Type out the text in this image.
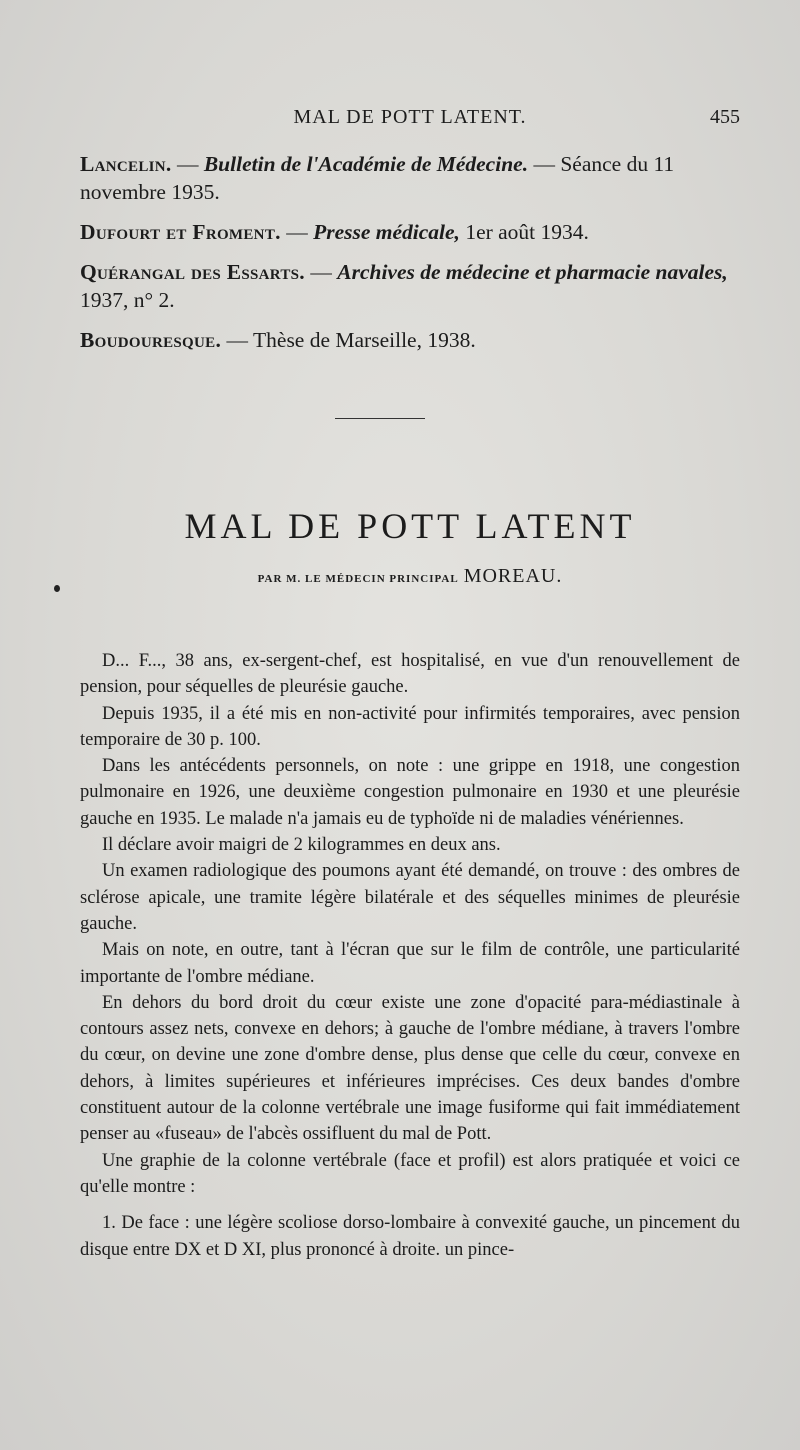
MAL DE POTT LATENT.	455

Lancelin. — Bulletin de l'Académie de Médecine. — Séance du 11 novembre 1935.

Dufourt et Froment. — Presse médicale, 1er août 1934.

Quérangal des Essarts. — Archives de médecine et pharmacie navales, 1937, n° 2.

Boudouresque. — Thèse de Marseille, 1938.

MAL DE POTT LATENT
PAR M. LE MÉDECIN PRINCIPAL MOREAU.

D... F..., 38 ans, ex-sergent-chef, est hospitalisé, en vue d'un renouvellement de pension, pour séquelles de pleurésie gauche.

Depuis 1935, il a été mis en non-activité pour infirmités temporaires, avec pension temporaire de 30 p. 100.

Dans les antécédents personnels, on note : une grippe en 1918, une congestion pulmonaire en 1926, une deuxième congestion pulmonaire en 1930 et une pleurésie gauche en 1935. Le malade n'a jamais eu de typhoïde ni de maladies vénériennes.

Il déclare avoir maigri de 2 kilogrammes en deux ans.

Un examen radiologique des poumons ayant été demandé, on trouve : des ombres de sclérose apicale, une tramite légère bilatérale et des séquelles minimes de pleurésie gauche.

Mais on note, en outre, tant à l'écran que sur le film de contrôle, une particularité importante de l'ombre médiane.

En dehors du bord droit du cœur existe une zone d'opacité para-médiastinale à contours assez nets, convexe en dehors; à gauche de l'ombre médiane, à travers l'ombre du cœur, on devine une zone d'ombre dense, plus dense que celle du cœur, convexe en dehors, à limites supérieures et inférieures imprécises. Ces deux bandes d'ombre constituent autour de la colonne vertébrale une image fusiforme qui fait immédiatement penser au «fuseau» de l'abcès ossifluent du mal de Pott.

Une graphie de la colonne vertébrale (face et profil) est alors pratiquée et voici ce qu'elle montre :

1. De face : une légère scoliose dorso-lombaire à convexité gauche, un pincement du disque entre DX et D XI, plus prononcé à droite. un pince-
